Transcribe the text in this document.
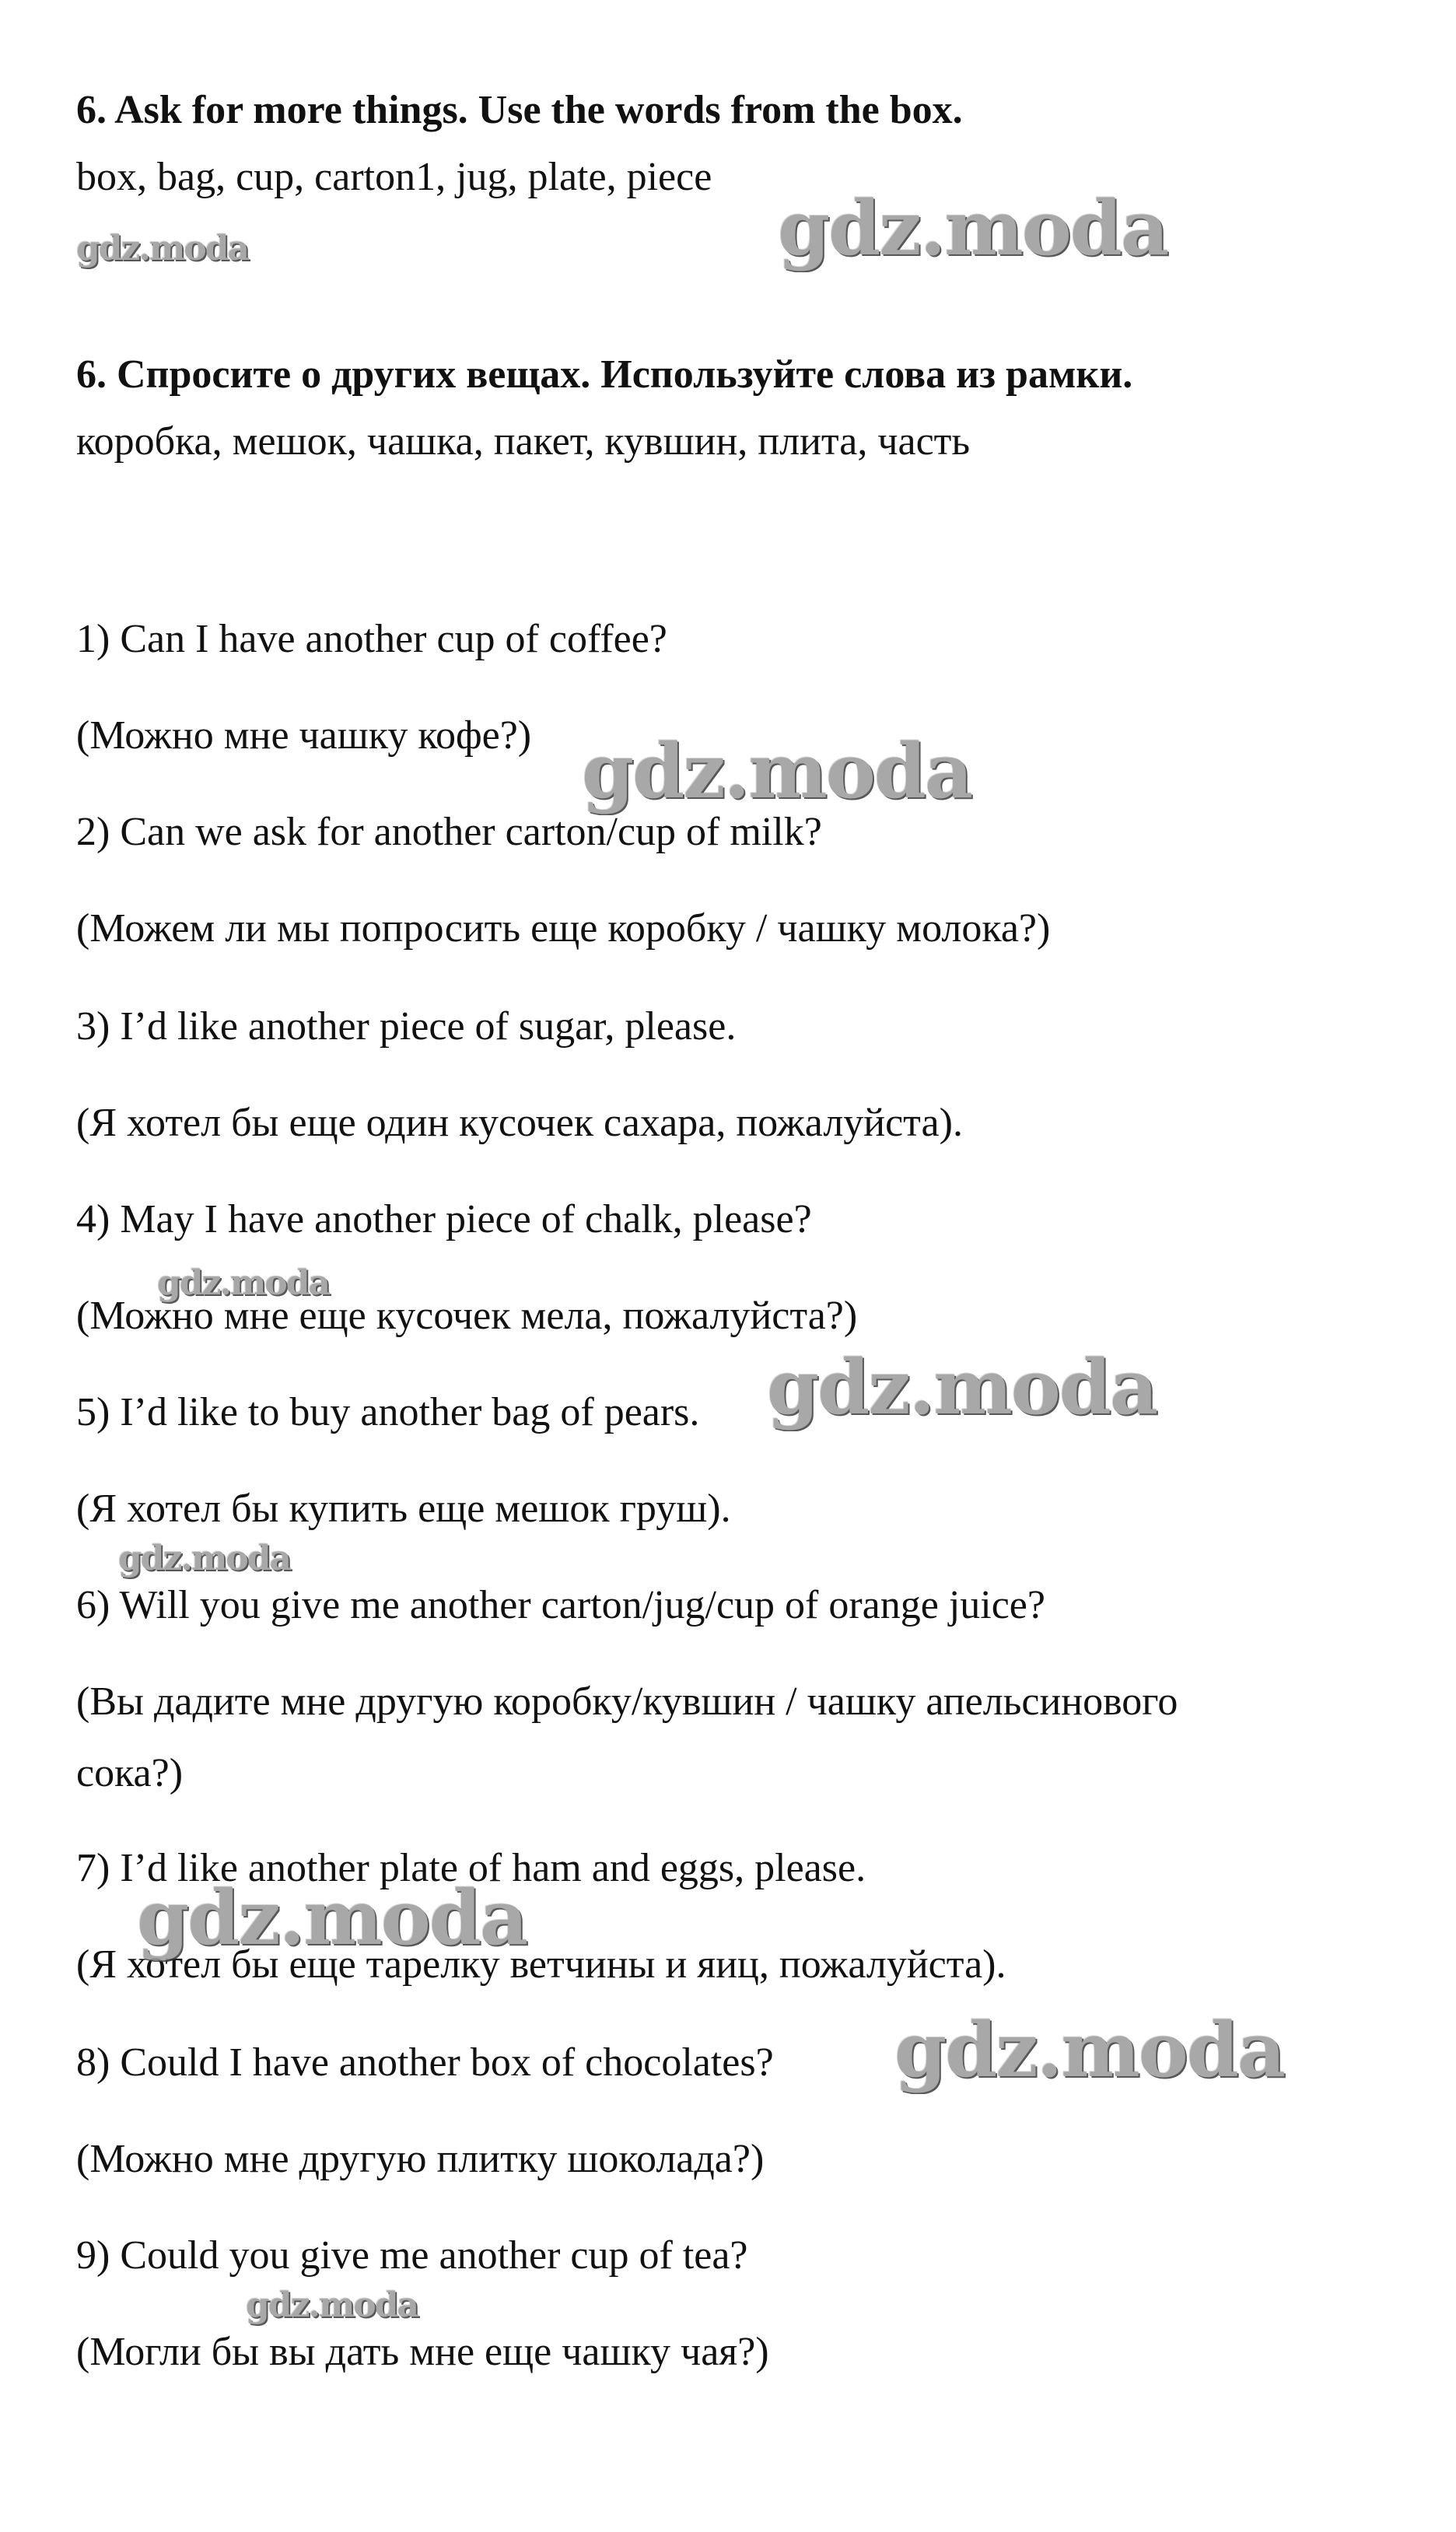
6. Ask for more things. Use the words from the box.
box, bag, cup, carton1, jug, plate, piece
6. Спросите о других вещах. Используйте слова из рамки.
коробка, мешок, чашка, пакет, кувшин, плита, часть
1) Can I have another cup of coffee?
(Можно мне чашку кофе?)
2) Can we ask for another carton/cup of milk?
(Можем ли мы попросить еще коробку / чашку молока?)
3) I’d like another piece of sugar, please.
(Я хотел бы еще один кусочек сахара, пожалуйста).
4) May I have another piece of chalk, please?
(Можно мне еще кусочек мела, пожалуйста?)
5) I’d like to buy another bag of pears.
(Я хотел бы купить еще мешок груш).
6) Will you give me another carton/jug/cup of orange juice?
(Вы дадите мне другую коробку/кувшин / чашку апельсинового
сока?)
7) I’d like another plate of ham and eggs, please.
(Я хотел бы еще тарелку ветчины и яиц, пожалуйста).
8) Could I have another box of chocolates?
(Можно мне другую плитку шоколада?)
9) Could you give me another cup of tea?
(Могли бы вы дать мне еще чашку чая?)
gdz.moda	gdz.moda
gdz.moda
gdz.moda
gdz.moda
gdz.moda
gdz.moda
gdz.moda
gdz.moda
